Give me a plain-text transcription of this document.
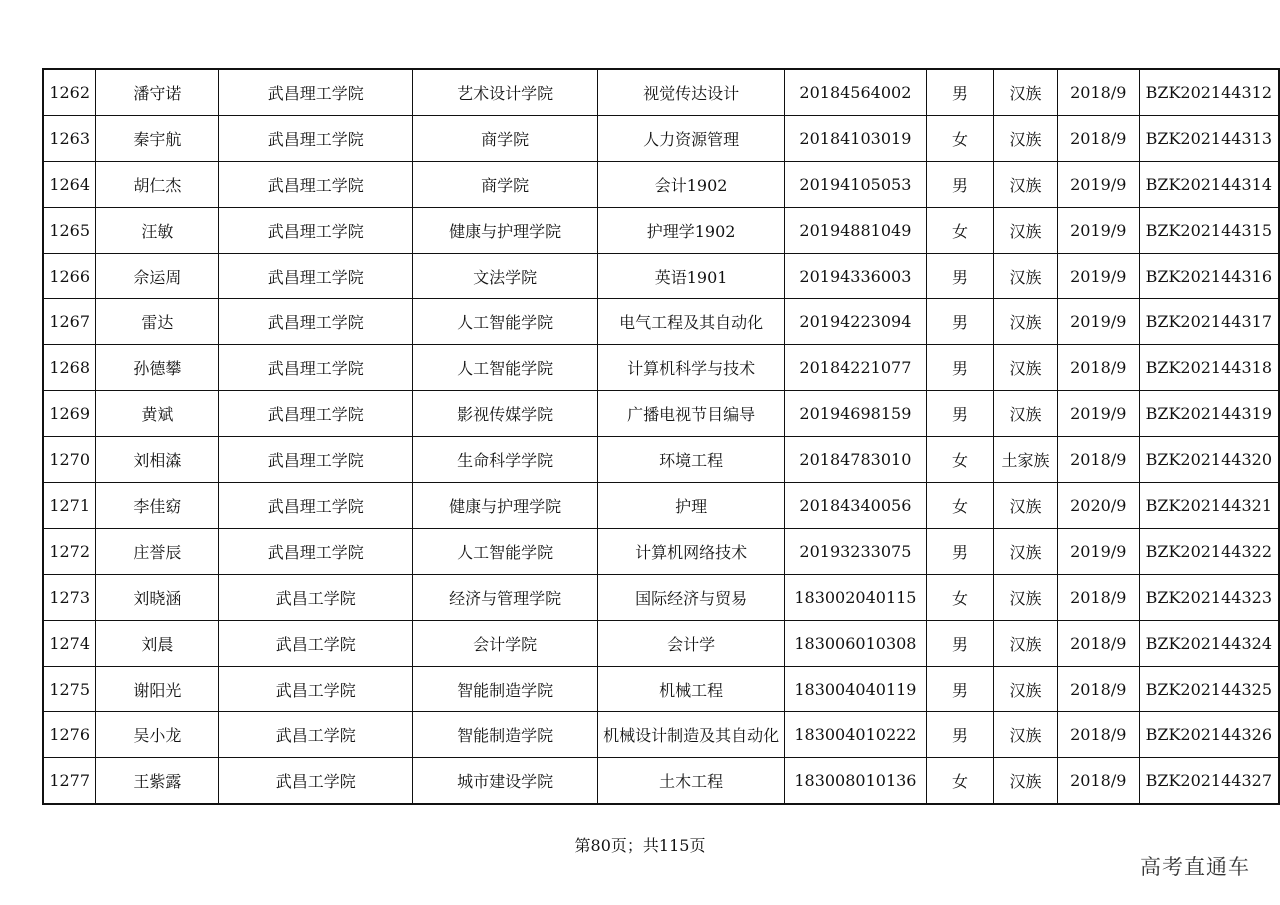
1262	潘守诺	武昌理工学院	艺术设计学院	视觉传达设计	20184564002	男	汉族	2018/9	BZK202144312
1263	秦宇航	武昌理工学院	商学院	人力资源管理	20184103019	女	汉族	2018/9	BZK202144313
1264	胡仁杰	武昌理工学院	商学院	会计1902	20194105053	男	汉族	2019/9	BZK202144314
1265	汪敏	武昌理工学院	健康与护理学院	护理学1902	20194881049	女	汉族	2019/9	BZK202144315
1266	佘运周	武昌理工学院	文法学院	英语1901	20194336003	男	汉族	2019/9	BZK202144316
1267	雷达	武昌理工学院	人工智能学院	电气工程及其自动化	20194223094	男	汉族	2019/9	BZK202144317
1268	孙德攀	武昌理工学院	人工智能学院	计算机科学与技术	20184221077	男	汉族	2018/9	BZK202144318
1269	黄斌	武昌理工学院	影视传媒学院	广播电视节目编导	20194698159	男	汉族	2019/9	BZK202144319
1270	刘相潹	武昌理工学院	生命科学学院	环境工程	20184783010	女	土家族	2018/9	BZK202144320
1271	李佳窈	武昌理工学院	健康与护理学院	护理	20184340056	女	汉族	2020/9	BZK202144321
1272	庄誉辰	武昌理工学院	人工智能学院	计算机网络技术	20193233075	男	汉族	2019/9	BZK202144322
1273	刘晓涵	武昌工学院	经济与管理学院	国际经济与贸易	183002040115	女	汉族	2018/9	BZK202144323
1274	刘晨	武昌工学院	会计学院	会计学	183006010308	男	汉族	2018/9	BZK202144324
1275	谢阳光	武昌工学院	智能制造学院	机械工程	183004040119	男	汉族	2018/9	BZK202144325
1276	吴小龙	武昌工学院	智能制造学院	机械设计制造及其自动化	183004010222	男	汉族	2018/9	BZK202144326
1277	王紫露	武昌工学院	城市建设学院	土木工程	183008010136	女	汉族	2018/9	BZK202144327
第80页；共115页
高考直通车
